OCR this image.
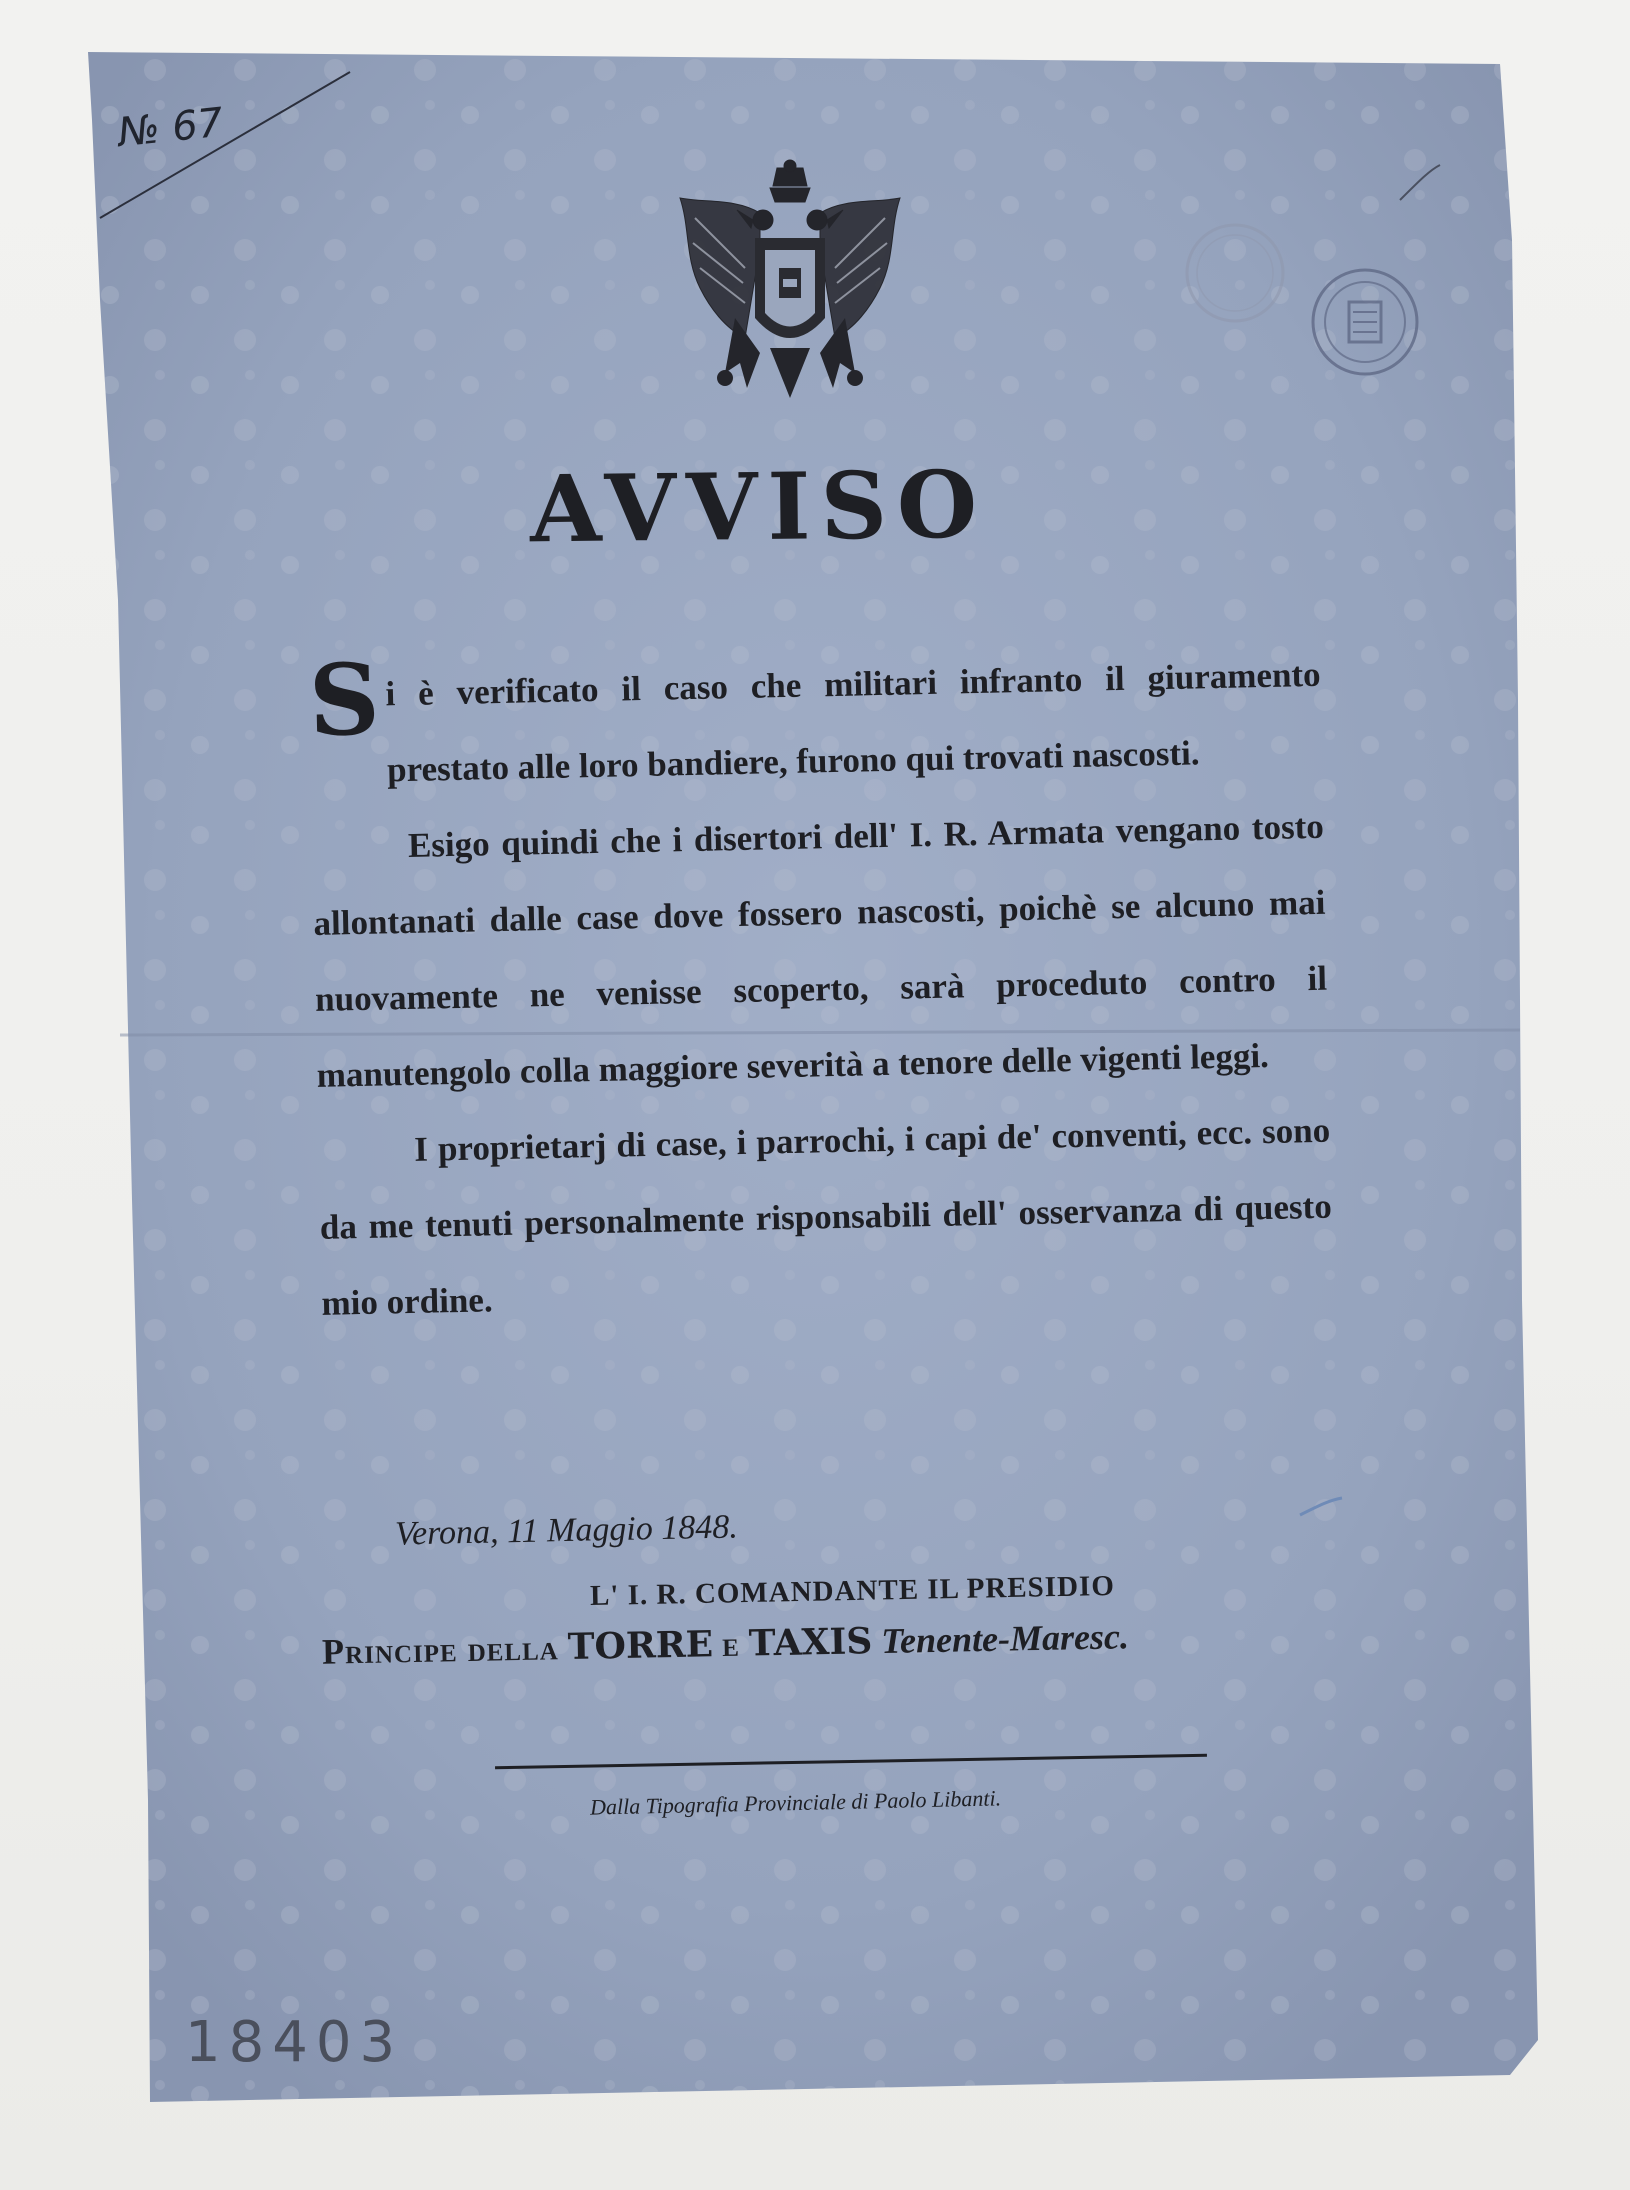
№ 67
AVVISO

Si è verificato il caso che militari infranto il giuramento prestato alle loro bandiere, furono qui trovati nascosti.

Esigo quindi che i disertori dell' I. R. Armata vengano tosto allontanati dalle case dove fossero nascosti, poichè se alcuno mai nuovamente ne venisse scoperto, sarà proceduto contro il manutengolo colla maggiore severità a tenore delle vigenti leggi.

I proprietarj di case, i parrochi, i capi de' conventi, ecc. sono da me tenuti personalmente risponsabili dell' osservanza di questo mio ordine.

Verona, 11 Maggio 1848.
L' I. R. COMANDANTE IL PRESIDIO
Principe della TORRE e TAXIS Tenente-Maresc.
Dalla Tipografia Provinciale di Paolo Libanti.
18403
